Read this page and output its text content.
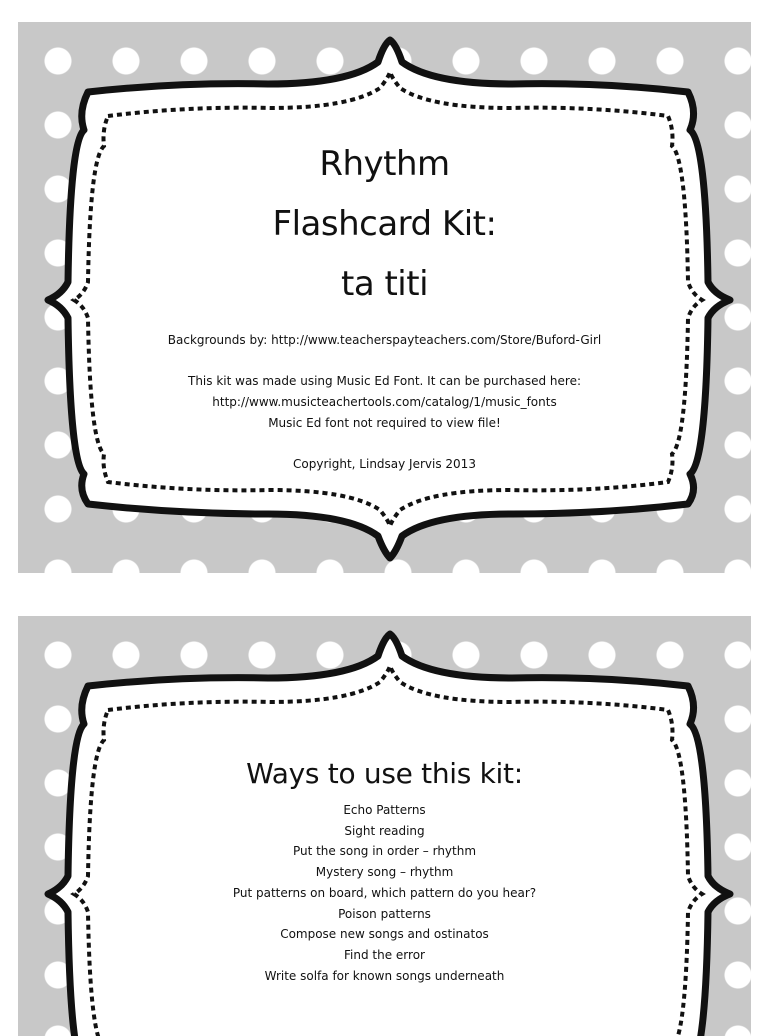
Rhythm

Flashcard Kit:

ta titi

Backgrounds by: http://www.teacherspayteachers.com/Store/Buford-Girl

This kit was made using Music Ed Font. It can be purchased here:

http://www.musicteachertools.com/catalog/1/music_fonts

Music Ed font not required to view file!

Copyright, Lindsay Jervis 2013

Ways to use this kit:

Echo Patterns
Sight reading
Put the song in order – rhythm
Mystery song – rhythm
Put patterns on board, which pattern do you hear?
Poison patterns
Compose new songs and ostinatos
Find the error
Write solfa for known songs underneath
